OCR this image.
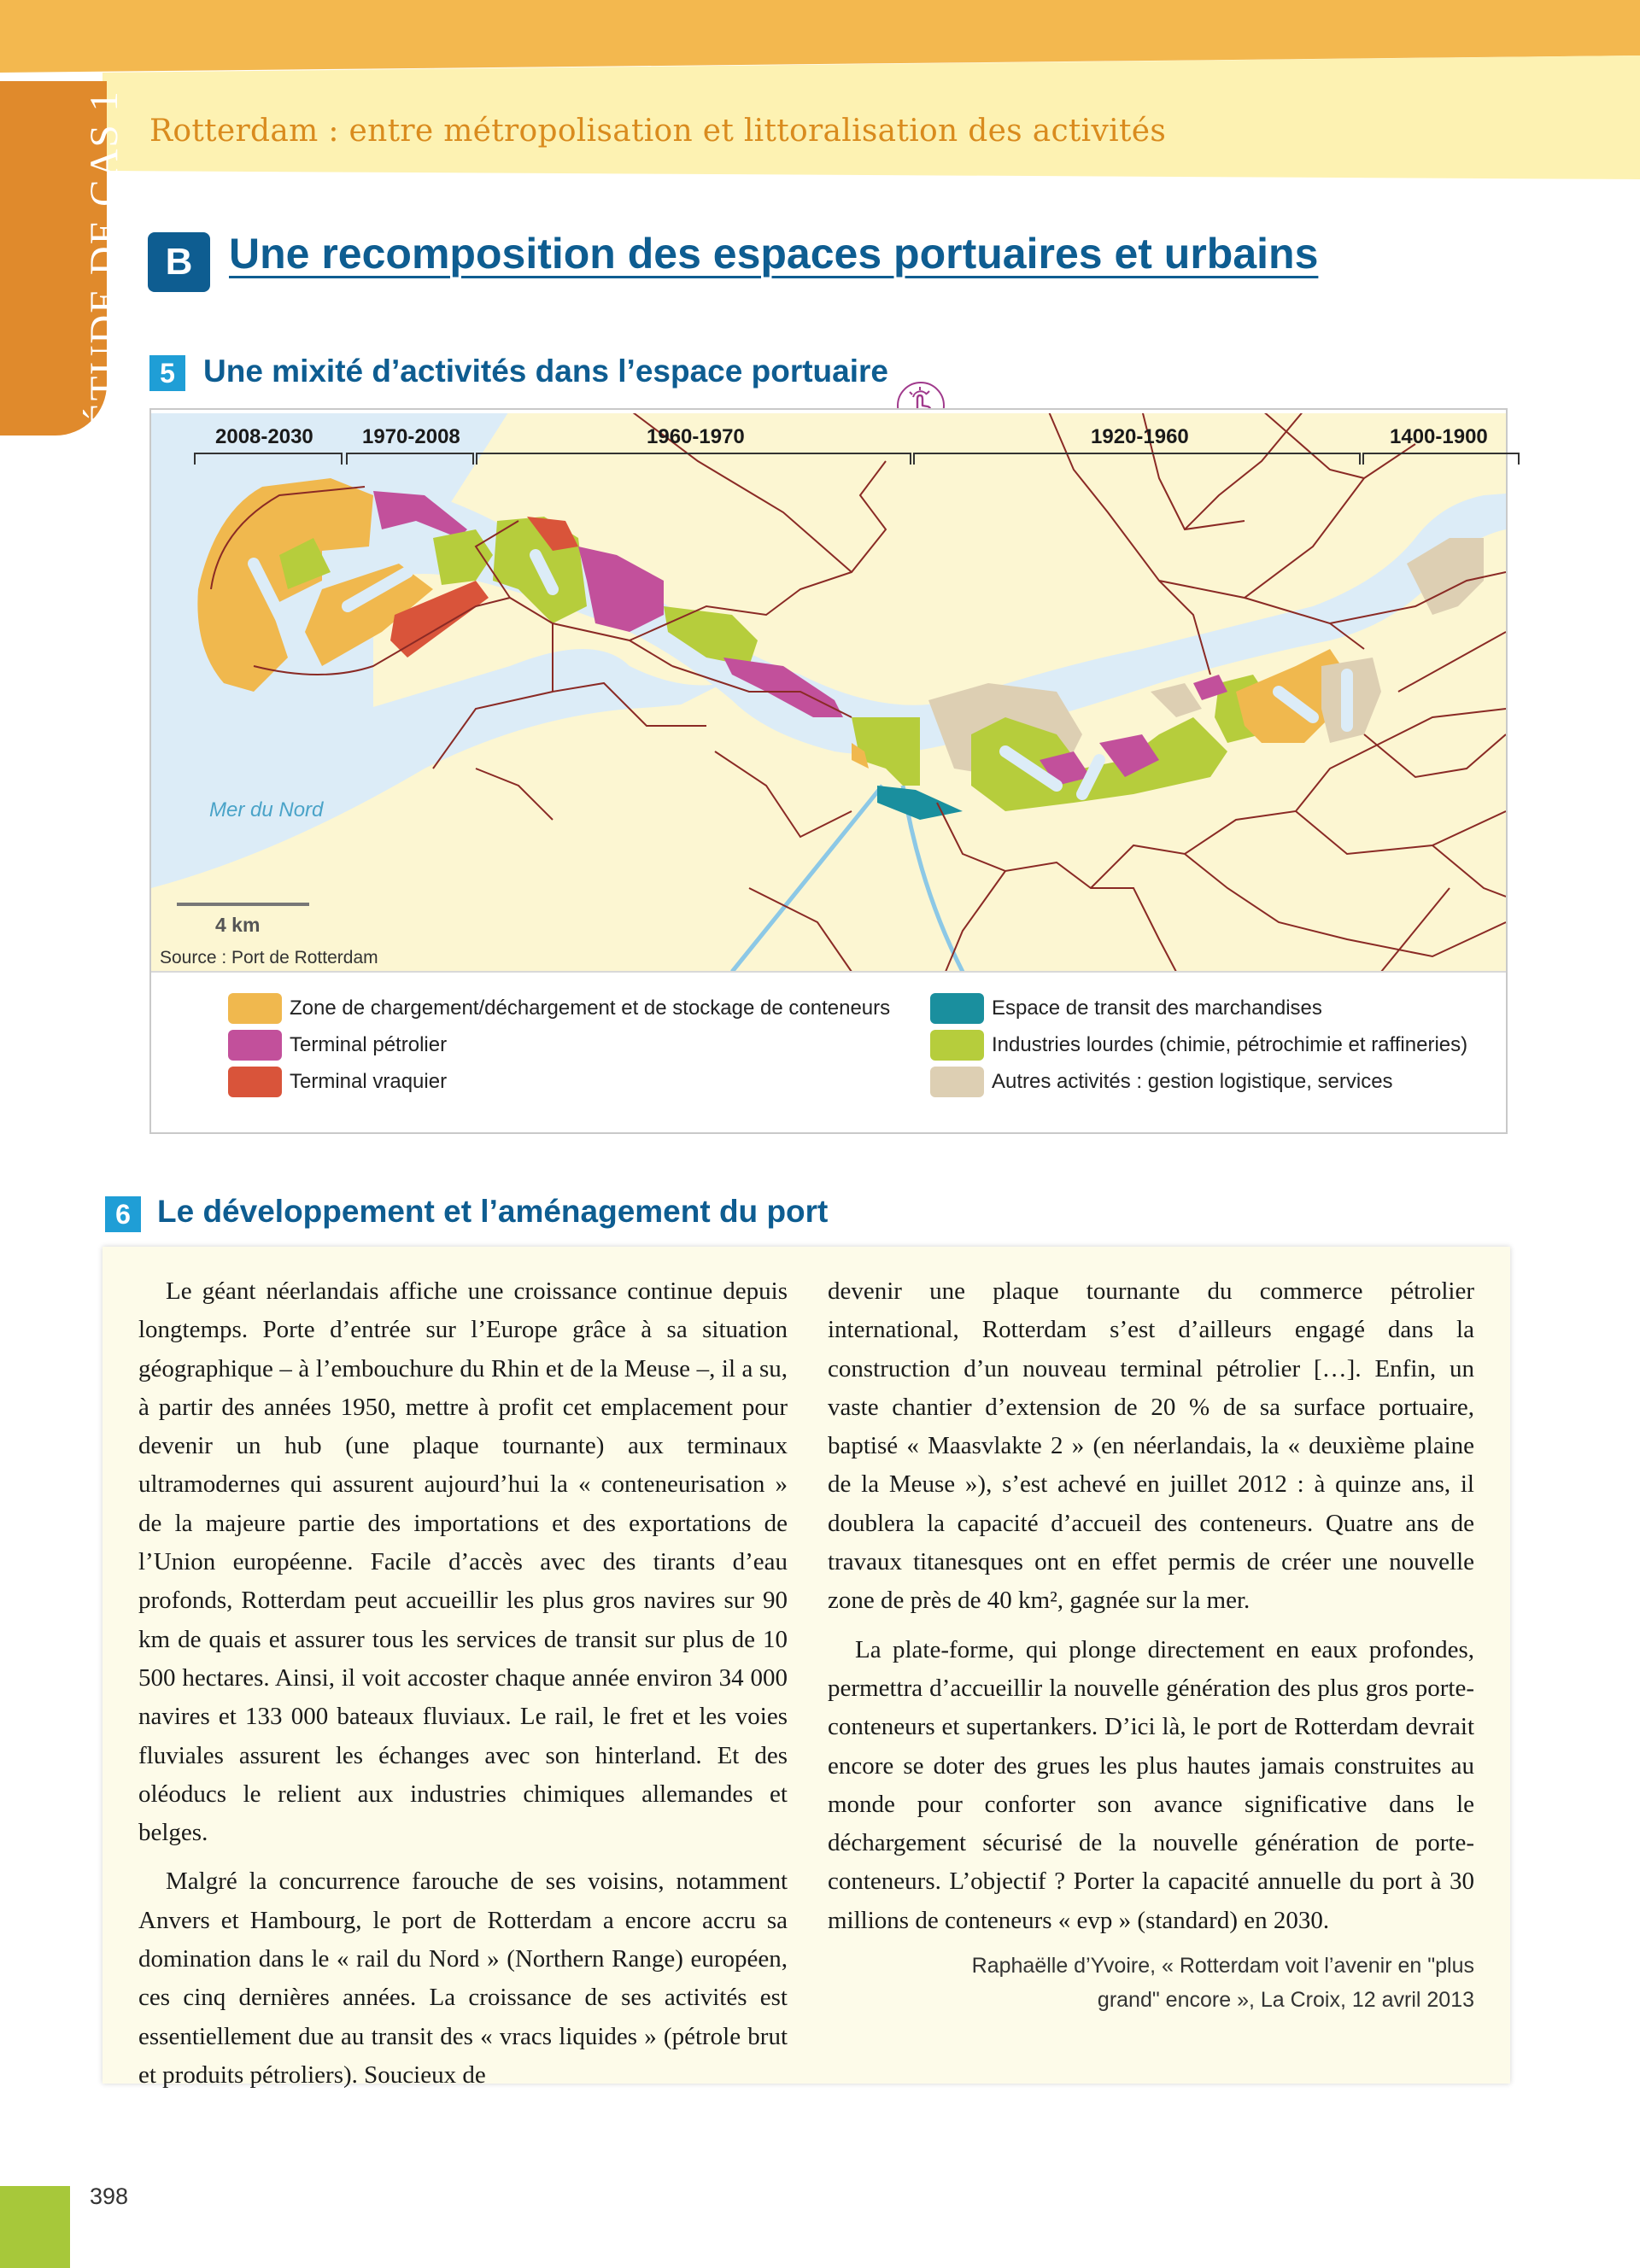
ÉTUDE DE CAS 1 Rotterdam : entre métropolisation et littoralisation des activités
B Une recomposition des espaces portuaires et urbains
5 Une mixité d’activités dans l’espace portuaire
2008-2030 1970-2008	1960-1970	1920-1960	1400-1900
Mer du Nord
4 km
Source : Port de Rotterdam
Zone de chargement/déchargement et de stockage de conteneurs
Terminal pétrolier
Terminal vraquier
Espace de transit des marchandises
Industries lourdes (chimie, pétrochimie et raffineries)
Autres activités : gestion logistique, services
6 Le développement et l’aménagement du port

Le géant néerlandais affiche une croissance continue depuis longtemps. Porte d’entrée sur l’Europe grâce à sa situation géographique – à l’embouchure du Rhin et de la Meuse –, il a su, à partir des années 1950, mettre à profit cet emplacement pour devenir un hub (une plaque tournante) aux terminaux ultramodernes qui assurent aujourd’hui la « conteneurisation » de la majeure partie des importations et des exportations de l’Union européenne. Facile d’accès avec des tirants d’eau profonds, Rotterdam peut accueillir les plus gros navires sur 90 km de quais et assurer tous les services de transit sur plus de 10 500 hectares. Ainsi, il voit accoster chaque année environ 34 000 navires et 133 000 bateaux fluviaux. Le rail, le fret et les voies fluviales assurent les échanges avec son hinterland. Et des oléoducs le relient aux industries chimiques allemandes et belges.

Malgré la concurrence farouche de ses voisins, notamment Anvers et Hambourg, le port de Rotterdam a encore accru sa domination dans le « rail du Nord » (Northern Range) européen, ces cinq dernières années. La croissance de ses activités est essentiellement due au transit des « vracs liquides » (pétrole brut et produits pétroliers). Soucieux de

devenir une plaque tournante du commerce pétrolier international, Rotterdam s’est d’ailleurs engagé dans la construction d’un nouveau terminal pétrolier […]. Enfin, un vaste chantier d’extension de 20 % de sa surface portuaire, baptisé « Maasvlakte 2 » (en néerlandais, la « deuxième plaine de la Meuse »), s’est achevé en juillet 2012 : à quinze ans, il doublera la capacité d’accueil des conteneurs. Quatre ans de travaux titanesques ont en effet permis de créer une nouvelle zone de près de 40 km², gagnée sur la mer.

La plate-forme, qui plonge directement en eaux profondes, permettra d’accueillir la nouvelle génération des plus gros porte-conteneurs et supertankers. D’ici là, le port de Rotterdam devrait encore se doter des grues les plus hautes jamais construites au monde pour conforter son avance significative dans le déchargement sécurisé de la nouvelle génération de porte-conteneurs. L’objectif ? Porter la capacité annuelle du port à 30 millions de conteneurs « evp » (standard) en 2030.

Raphaëlle d’Yvoire, « Rotterdam voit l’avenir en "plus
grand" encore », La Croix, 12 avril 2013
398
